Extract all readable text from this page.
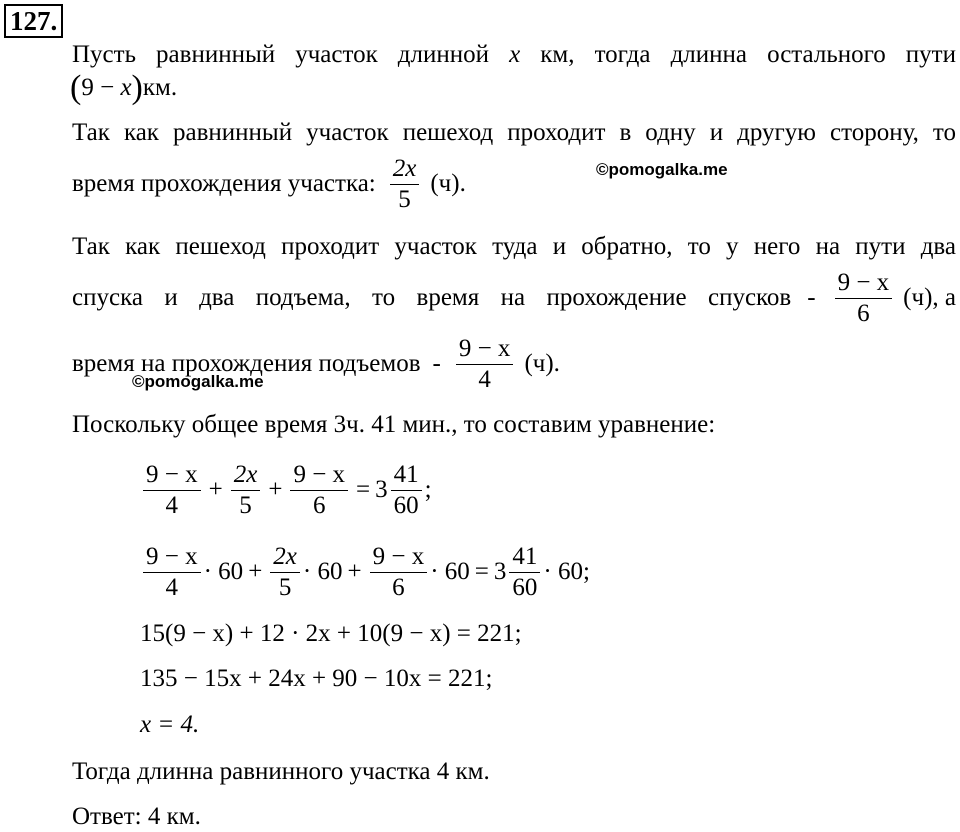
127.
Пусть равнинный участок длинной x км, тогда длинна остального пути
(9 − x)км.
Так как равнинный участок пешеход проходит в одну и другую сторону, то
©pomogalka.me
время прохождения участка: $\frac{2x}{5} (ч)$.
Так как пешеход проходит участок туда и обратно, то у него на пути два
спуска и два подъема, то время на прохождение спусков - $\frac{9 - x}{6} (ч)$, а
время на прохождения подъемов - $\frac{9 - x}{4} (ч)$.
©pomogalka.me
Поскольку общее время 3ч. 41 мин., то составим уравнение:
$\frac{9 - x}{4} + \frac{2x}{5} + \frac{9 - x}{6} = 3 \frac{41}{60}$ ;
$\frac{9 - x}{4} \cdot 60 + \frac{2x}{5} \cdot 60 + \frac{9 - x}{6} \cdot 60 = 3 \frac{41}{60} \cdot 60$;
15(9 − x) + 12 · 2x + 10(9 − x) = 221;
135 − 15x + 24x + 90 − 10x = 221;
x = 4.
Тогда длинна равнинного участка 4 км.
Ответ: 4 км.
